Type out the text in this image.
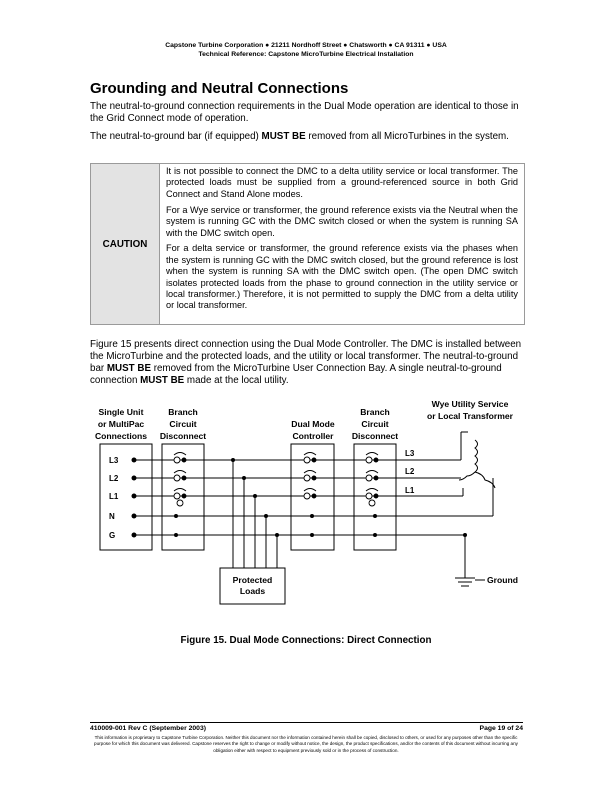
Capstone Turbine Corporation ● 21211 Nordhoff Street ● Chatsworth ● CA 91311 ● USA
Technical Reference: Capstone MicroTurbine Electrical Installation
Grounding and Neutral Connections

The neutral-to-ground connection requirements in the Dual Mode operation are identical to those in the Grid Connect mode of operation.

The neutral-to-ground bar (if equipped) MUST BE removed from all MicroTurbines in the system.

CAUTION

It is not possible to connect the DMC to a delta utility service or local transformer. The protected loads must be supplied from a ground-referenced source in both Grid Connect and Stand Alone modes.

For a Wye service or transformer, the ground reference exists via the Neutral when the system is running GC with the DMC switch closed or when the system is running SA with the DMC switch open.

For a delta service or transformer, the ground reference exists via the phases when the system is running GC with the DMC switch closed, but the ground reference is lost when the system is running SA with the DMC switch open. (The open DMC switch isolates protected loads from the phase to ground connection in the utility service or local transformer.) Therefore, it is not permitted to supply the DMC from a delta utility or local transformer.

Figure 15 presents direct connection using the Dual Mode Controller. The DMC is installed between the MicroTurbine and the protected loads, and the utility or local transformer. The neutral-to-ground bar MUST BE removed from the MicroTurbine User Connection Bay. A single neutral-to-ground connection MUST BE made at the local utility.

Single Unit
or MultiPac
Connections
Branch
Circuit
Disconnect
Dual Mode
Controller
Branch
Circuit
Disconnect
Wye Utility Service
or Local Transformer
Protected
Loads
L3
L2
L1
N
G
L3
L2
L1
Ground
Figure 15. Dual Mode Connections: Direct Connection
410009-001 Rev C (September 2003)	Page 19 of 24
This information is proprietary to Capstone Turbine Corporation. Neither this document nor the information contained herein shall be copied, disclosed to others, or used for any purposes other than the specific purpose for which this document was delivered. Capstone reserves the right to change or modify without notice, the design, the product specifications, and/or the contents of this document without incurring any obligation either with respect to equipment previously sold or in the process of construction.
